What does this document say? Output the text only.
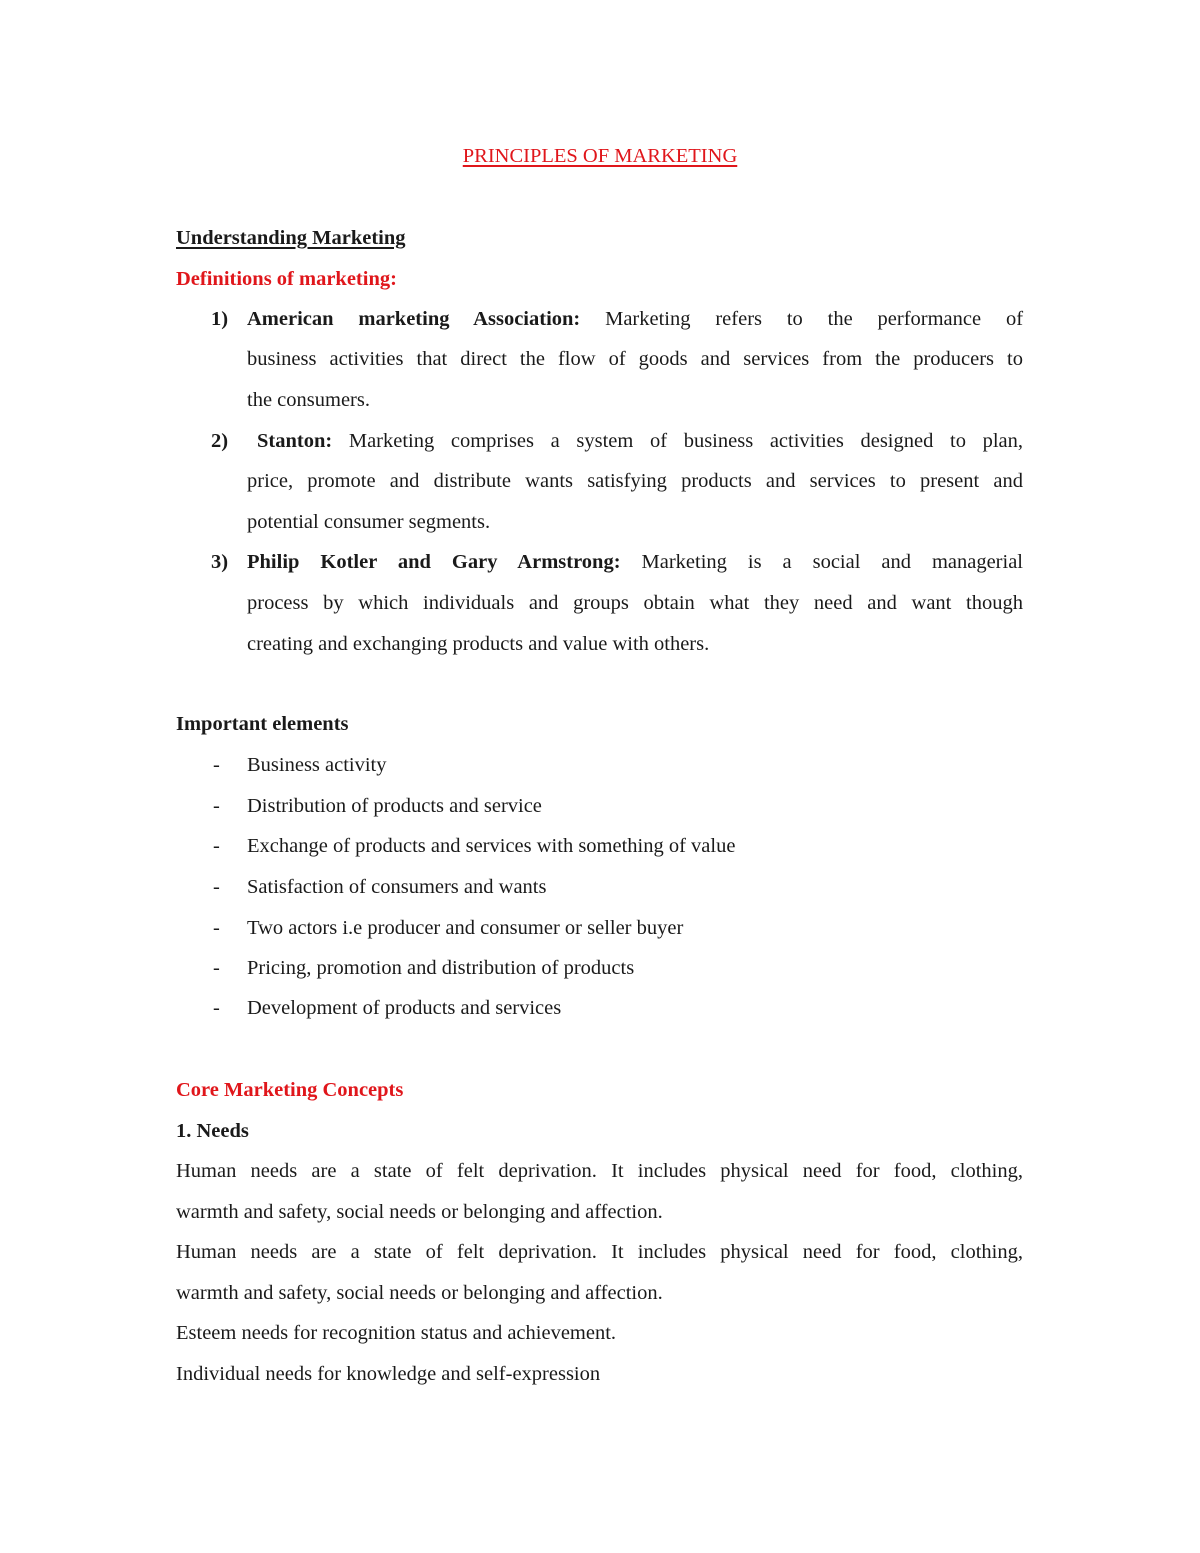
PRINCIPLES OF MARKETING
Understanding Marketing
Definitions of marketing:
1) American marketing Association: Marketing refers to the performance of
business activities that direct the flow of goods and services from the producers to
the consumers.
2) Stanton: Marketing comprises a system of business activities designed to plan,
price, promote and distribute wants satisfying products and services to present and
potential consumer segments.
3) Philip Kotler and Gary Armstrong: Marketing is a social and managerial
process by which individuals and groups obtain what they need and want though
creating and exchanging products and value with others.
Important elements
- Business activity
- Distribution of products and service
- Exchange of products and services with something of value
- Satisfaction of consumers and wants
- Two actors i.e producer and consumer or seller buyer
- Pricing, promotion and distribution of products
- Development of products and services
Core Marketing Concepts
1. Needs
Human needs are a state of felt deprivation. It includes physical need for food, clothing,
warmth and safety, social needs or belonging and affection.
Human needs are a state of felt deprivation. It includes physical need for food, clothing,
warmth and safety, social needs or belonging and affection.
Esteem needs for recognition status and achievement.
Individual needs for knowledge and self-expression
